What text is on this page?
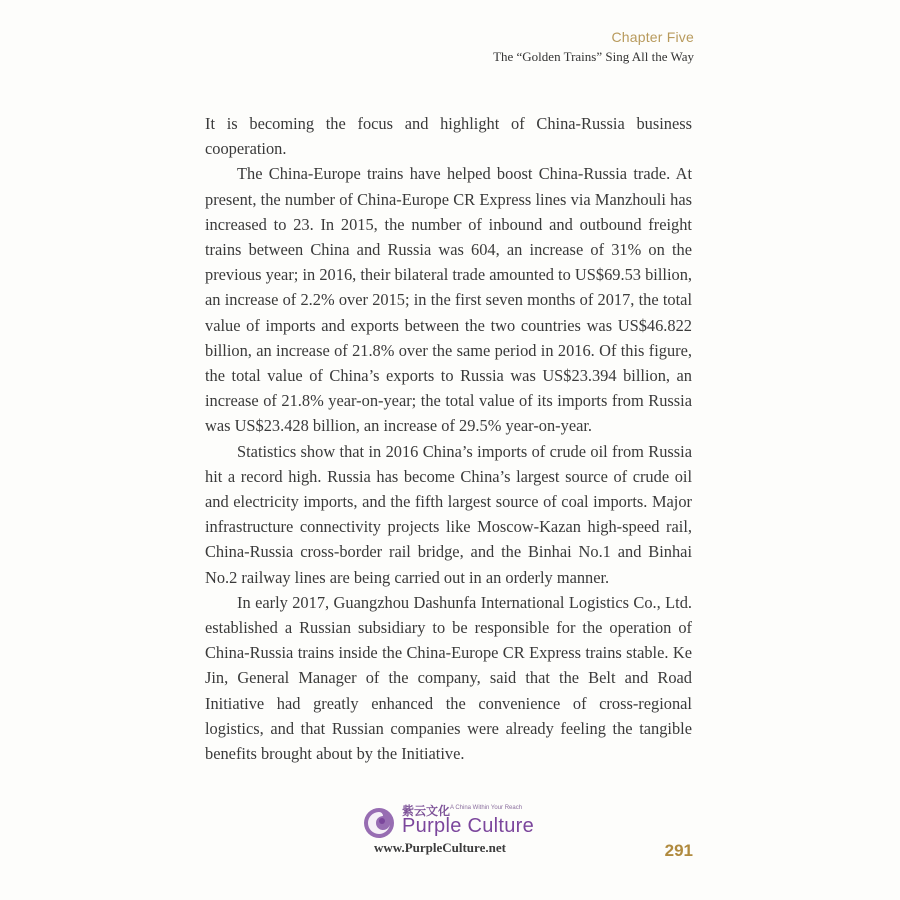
Chapter Five
The “Golden Trains” Sing All the Way

It is becoming the focus and highlight of China-Russia business cooperation.

The China-Europe trains have helped boost China-Russia trade. At present, the number of China-Europe CR Express lines via Manzhouli has increased to 23. In 2015, the number of inbound and outbound freight trains between China and Russia was 604, an increase of 31% on the previous year; in 2016, their bilateral trade amounted to US$69.53 billion, an increase of 2.2% over 2015; in the first seven months of 2017, the total value of imports and exports between the two countries was US$46.822 billion, an increase of 21.8% over the same period in 2016. Of this figure, the total value of China’s exports to Russia was US$23.394 billion, an increase of 21.8% year-on-year; the total value of its imports from Russia was US$23.428 billion, an increase of 29.5% year-on-year.

Statistics show that in 2016 China’s imports of crude oil from Russia hit a record high. Russia has become China’s largest source of crude oil and electricity imports, and the fifth largest source of coal imports. Major infrastructure connectivity projects like Moscow-Kazan high-speed rail, China-Russia cross-border rail bridge, and the Binhai No.1 and Binhai No.2 railway lines are being carried out in an orderly manner.

In early 2017, Guangzhou Dashunfa International Logistics Co., Ltd. established a Russian subsidiary to be responsible for the operation of China-Russia trains inside the China-Europe CR Express trains stable. Ke Jin, General Manager of the company, said that the Belt and Road Initiative had greatly enhanced the convenience of cross-regional logistics, and that Russian companies were already feeling the tangible benefits brought about by the Initiative.

紫云文化 A China Within Your Reach
Purple Culture
www.PurpleCulture.net	291
